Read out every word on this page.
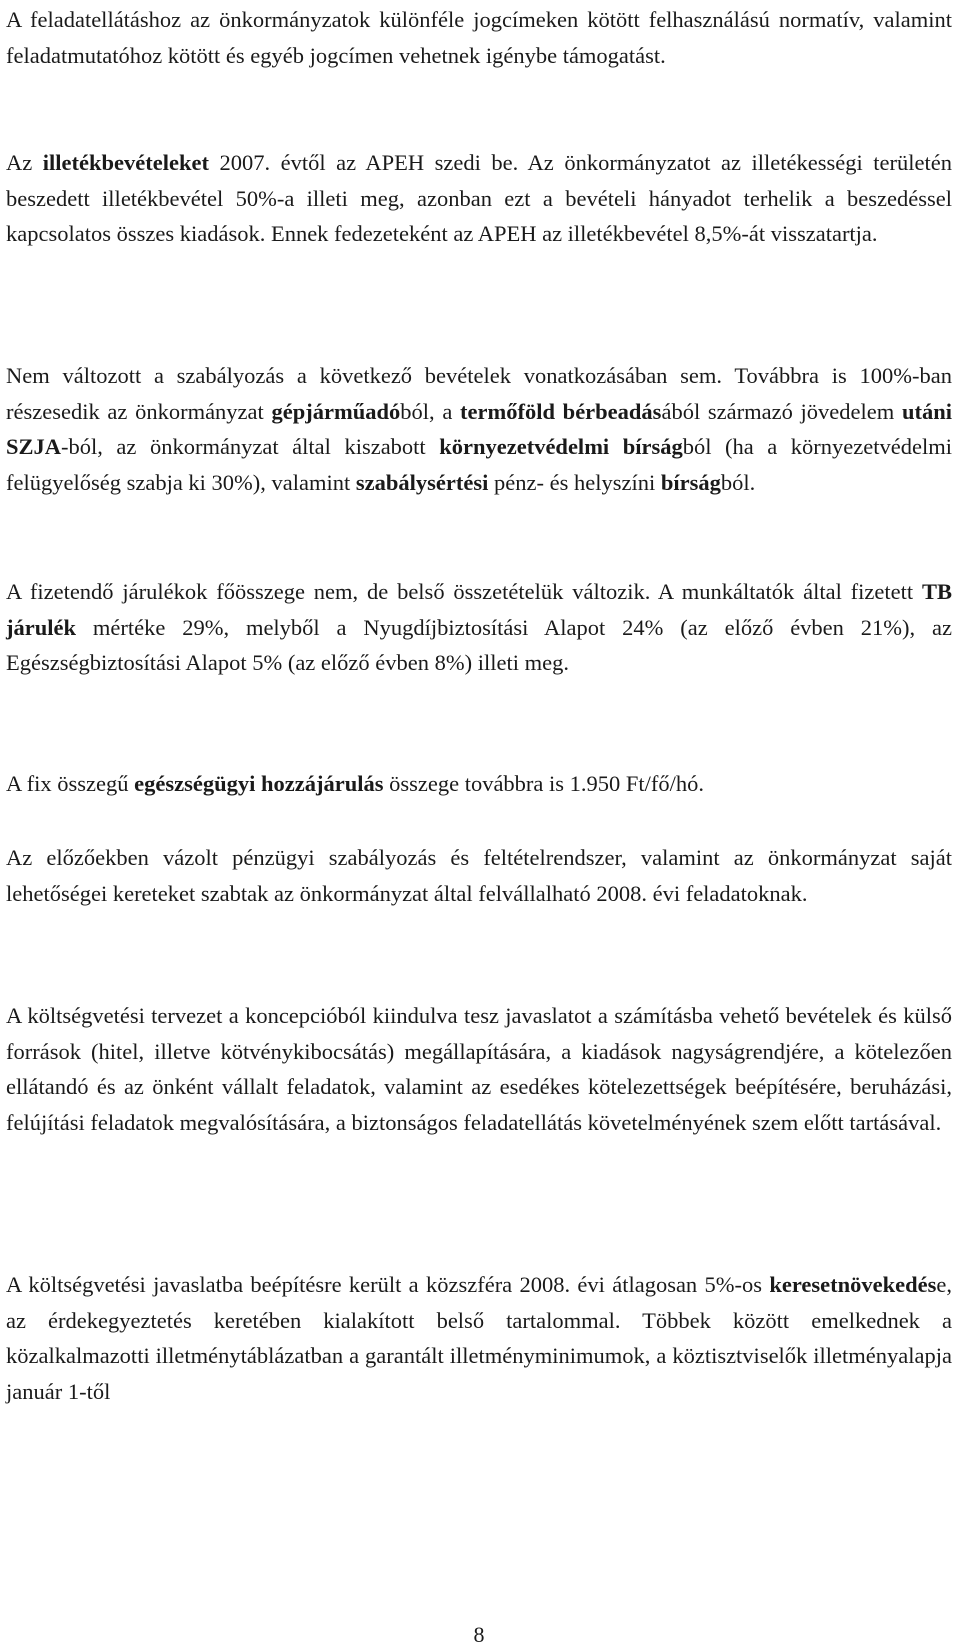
A feladatellátáshoz az önkormányzatok különféle jogcímeken kötött felhasználású normatív, valamint feladatmutatóhoz kötött és egyéb jogcímen vehetnek igénybe támogatást.

Az illetékbevételeket 2007. évtől az APEH szedi be. Az önkormányzatot az illetékességi területén beszedett illetékbevétel 50%-a illeti meg, azonban ezt a bevételi hányadot terhelik a beszedéssel kapcsolatos összes kiadások. Ennek fedezeteként az APEH az illetékbevétel 8,5%-át visszatartja.

Nem változott a szabályozás a következő bevételek vonatkozásában sem. Továbbra is 100%-ban részesedik az önkormányzat gépjárműadóból, a termőföld bérbeadásából származó jövedelem utáni SZJA-ból, az önkormányzat által kiszabott környezetvédelmi bírságból (ha a környezetvédelmi felügyelőség szabja ki 30%), valamint szabálysértési pénz- és helyszíni bírságból.

A fizetendő járulékok főösszege nem, de belső összetételük változik. A munkáltatók által fizetett TB járulék mértéke 29%, melyből a Nyugdíjbiztosítási Alapot 24% (az előző évben 21%), az Egészségbiztosítási Alapot 5% (az előző évben 8%) illeti meg.

A fix összegű egészségügyi hozzájárulás összege továbbra is 1.950 Ft/fő/hó.

Az előzőekben vázolt pénzügyi szabályozás és feltételrendszer, valamint az önkormányzat saját lehetőségei kereteket szabtak az önkormányzat által felvállalható 2008. évi feladatoknak.

A költségvetési tervezet a koncepcióból kiindulva tesz javaslatot a számításba vehető bevételek és külső források (hitel, illetve kötvénykibocsátás) megállapítására, a kiadások nagyságrendjére, a kötelezően ellátandó és az önként vállalt feladatok, valamint az esedékes kötelezettségek beépítésére, beruházási, felújítási feladatok megvalósítására, a biztonságos feladatellátás követelményének szem előtt tartásával.

A költségvetési javaslatba beépítésre került a közszféra 2008. évi átlagosan 5%-os keresetnövekedése, az érdekegyeztetés keretében kialakított belső tartalommal. Többek között emelkednek a közalkalmazotti illetménytáblázatban a garantált illetményminimumok, a köztisztviselők illetményalapja január 1-től

8
